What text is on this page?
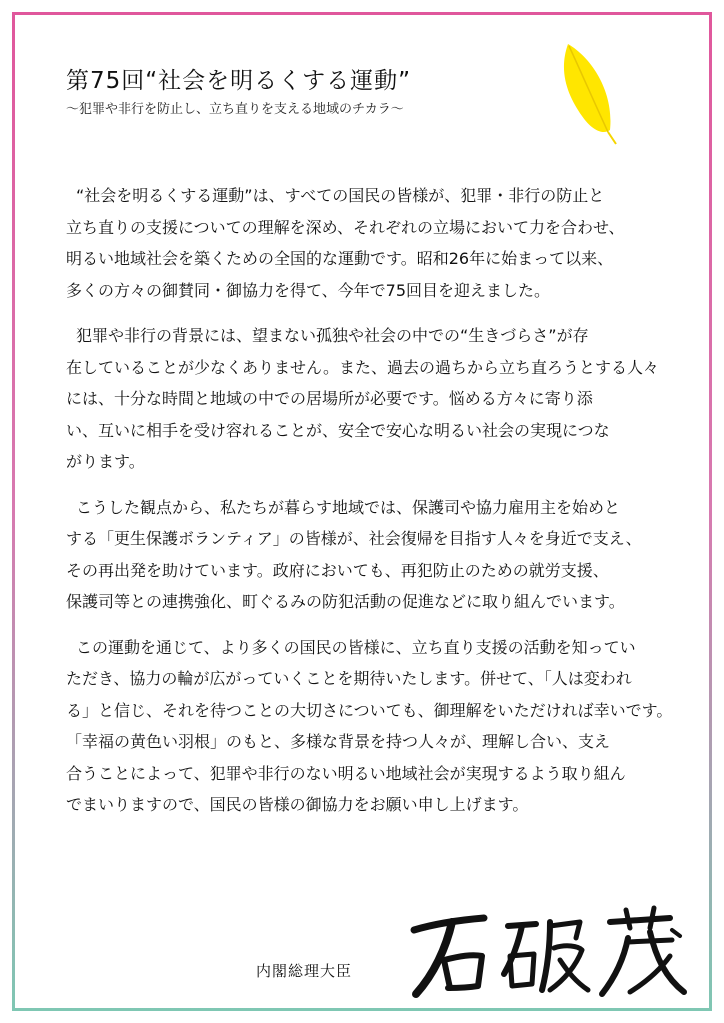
第75回“社会を明るくする運動”
～犯罪や非行を防止し、立ち直りを支える地域のチカラ～
“社会を明るくする運動”は、すべての国民の皆様が、犯罪・非行の防止と
立ち直りの支援についての理解を深め、それぞれの立場において力を合わせ、
明るい地域社会を築くための全国的な運動です。昭和26年に始まって以来、
多くの方々の御賛同・御協力を得て、今年で75回目を迎えました。
犯罪や非行の背景には、望まない孤独や社会の中での“生きづらさ”が存
在していることが少なくありません。また、過去の過ちから立ち直ろうとする人々
には、十分な時間と地域の中での居場所が必要です。悩める方々に寄り添
い、互いに相手を受け容れることが、安全で安心な明るい社会の実現につな
がります。
こうした観点から、私たちが暮らす地域では、保護司や協力雇用主を始めと
する「更生保護ボランティア」の皆様が、社会復帰を目指す人々を身近で支え、
その再出発を助けています。政府においても、再犯防止のための就労支援、
保護司等との連携強化、町ぐるみの防犯活動の促進などに取り組んでいます。
この運動を通じて、より多くの国民の皆様に、立ち直り支援の活動を知ってい
ただき、協力の輪が広がっていくことを期待いたします。併せて、「人は変われ
る」と信じ、それを待つことの大切さについても、御理解をいただければ幸いです。
「幸福の黄色い羽根」のもと、多様な背景を持つ人々が、理解し合い、支え
合うことによって、犯罪や非行のない明るい地域社会が実現するよう取り組ん
でまいりますので、国民の皆様の御協力をお願い申し上げます。
内閣総理大臣
